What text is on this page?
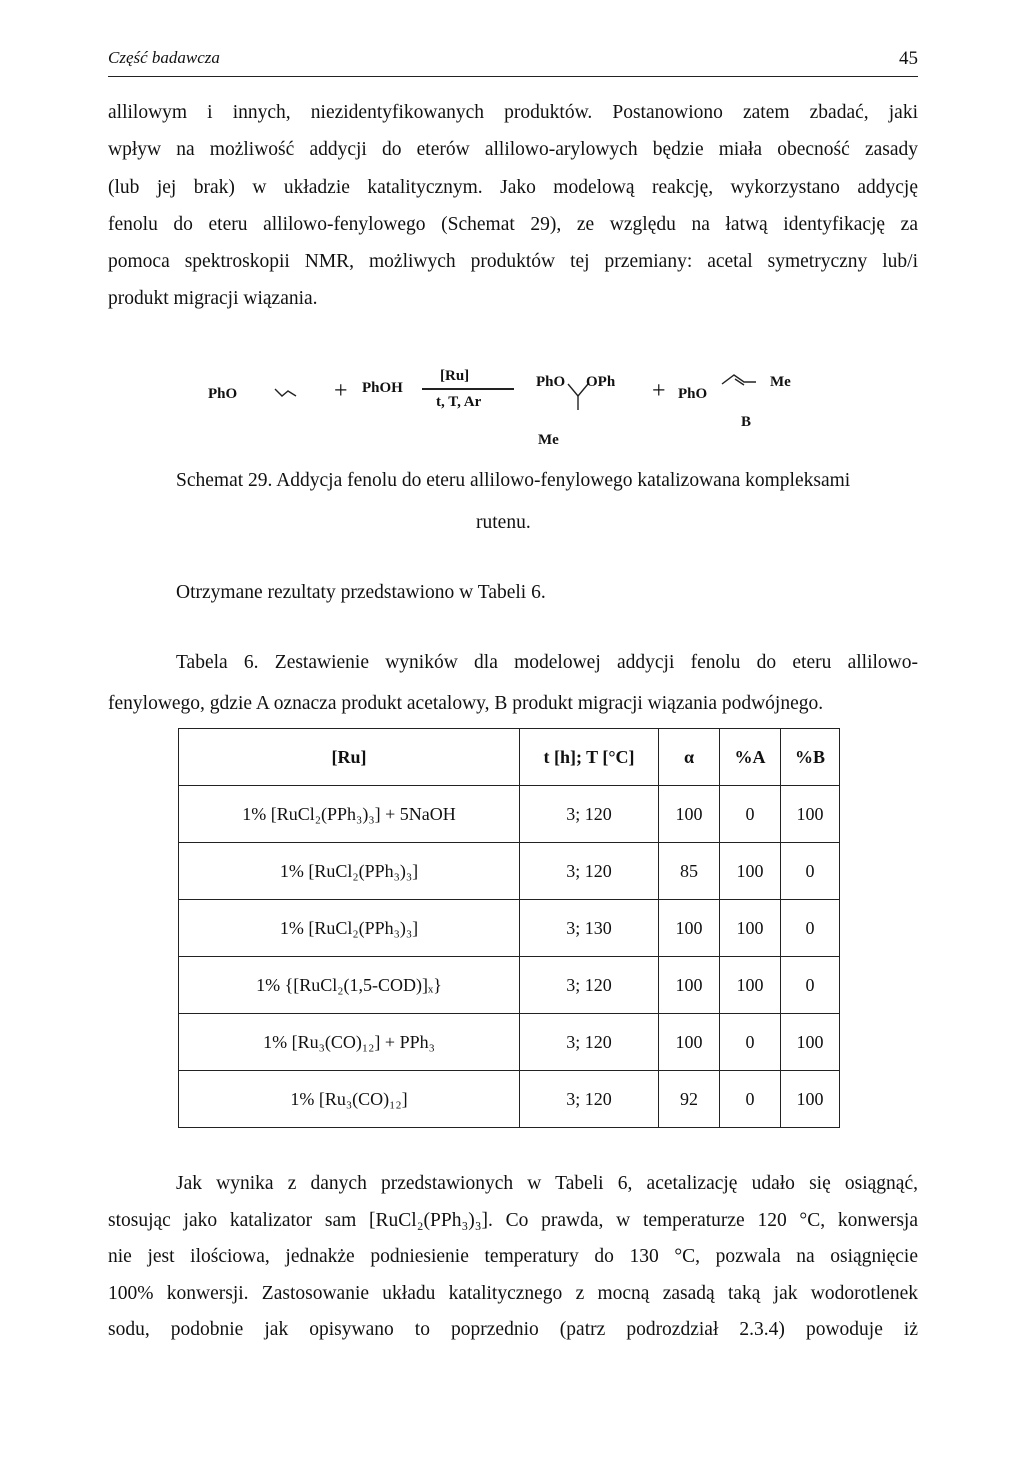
Część badawcza	45
allilowym i innych, niezidentyfikowanych produktów. Postanowiono zatem zbadać, jaki
wpływ na możliwość addycji do eterów allilowo-arylowych będzie miała obecność zasady
(lub jej brak) w układzie katalitycznym. Jako modelową reakcję, wykorzystano addycję
fenolu do eteru allilowo-fenylowego (Schemat 29), ze względu na łatwą identyfikację za
pomoca spektroskopii NMR, możliwych produktów tej przemiany: acetal symetryczny lub/i
produkt migracji wiązania.
PhO	+ PhOH
[Ru]
t, T, Ar
PhO OPh
Me
+ PhO
Me
B
Schemat 29. Addycja fenolu do eteru allilowo-fenylowego katalizowana kompleksami
rutenu.
Otrzymane rezultaty przedstawiono w Tabeli 6.
Tabela 6. Zestawienie wyników dla modelowej addycji fenolu do eteru allilowo-
fenylowego, gdzie A oznacza produkt acetalowy, B produkt migracji wiązania podwójnego.
[Ru]	t [h]; T [°C]	α	%A	%B
1% [RuCl₂(PPh₃)₃] + 5NaOH	3; 120	100	0	100
1% [RuCl₂(PPh₃)₃]	3; 120	85	100	0
1% [RuCl₂(PPh₃)₃]	3; 130	100	100	0
1% {[RuCl₂(1,5-COD)]ₓ}	3; 120	100	100	0
1% [Ru₃(CO)₁₂] + PPh₃	3; 120	100	0	100
1% [Ru₃(CO)₁₂]	3; 120	92	0	100
Jak wynika z danych przedstawionych w Tabeli 6, acetalizację udało się osiągnąć,
stosując jako katalizator sam [RuCl₂(PPh₃)₃]. Co prawda, w temperaturze 120 °C, konwersja
nie jest ilościowa, jednakże podniesienie temperatury do 130 °C, pozwala na osiągnięcie
100% konwersji. Zastosowanie układu katalitycznego z mocną zasadą taką jak wodorotlenek
sodu, podobnie jak opisywano to poprzednio (patrz podrozdział 2.3.4) powoduje iż
